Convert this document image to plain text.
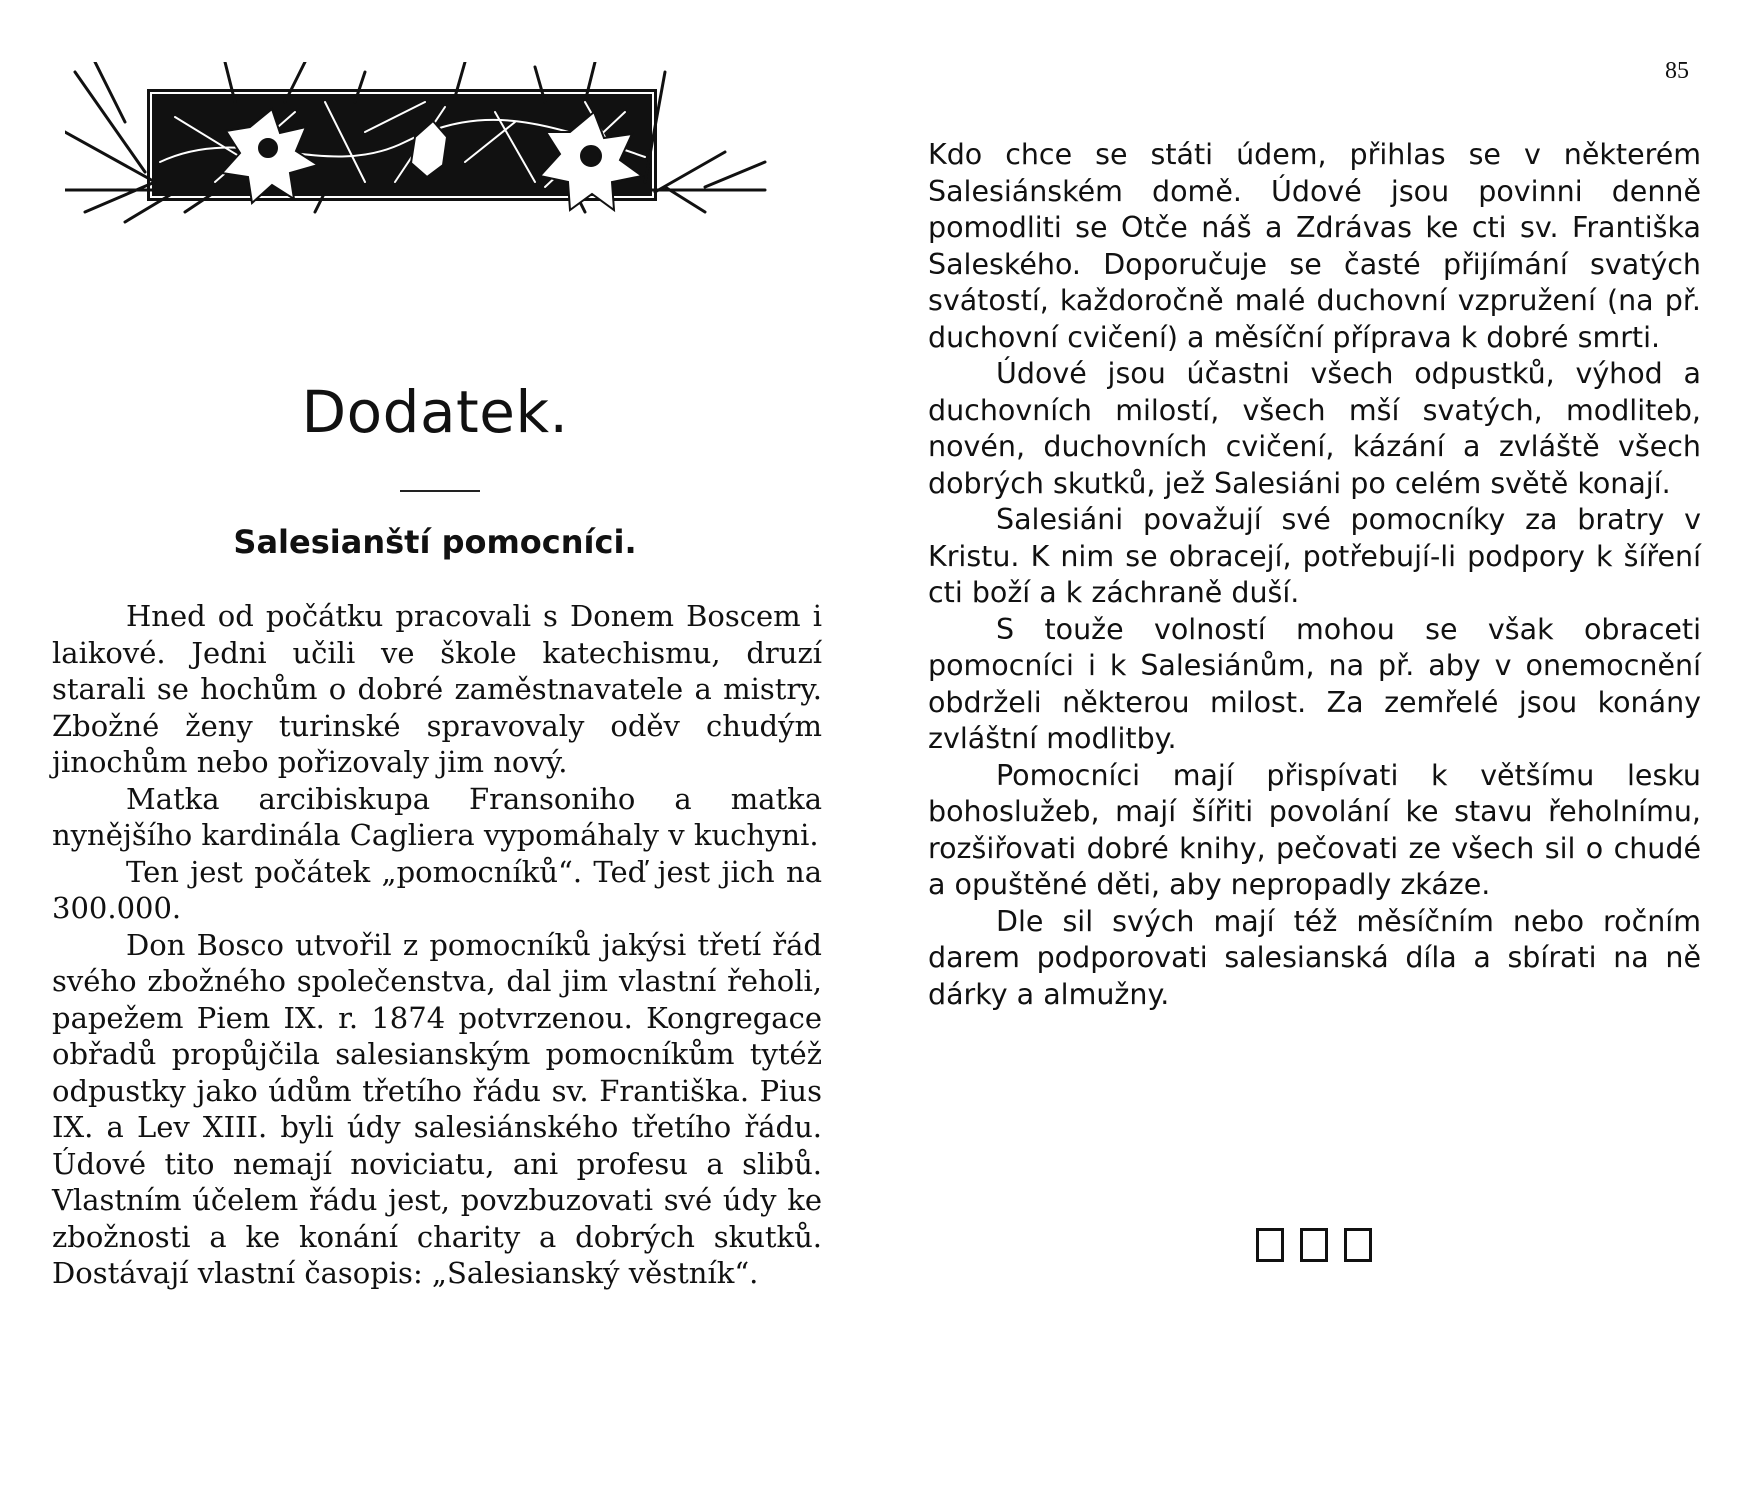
85
Dodatek.
Salesianští pomocníci.

Hned od počátku pracovali s Donem Boscem i laikové. Jedni učili ve škole katechismu, druzí starali se hochům o dobré zaměstnavatele a mistry. Zbožné ženy turinské spravovaly oděv chudým jinochům nebo pořizovaly jim nový.

Matka arcibiskupa Fransoniho a matka nynějšího kardinála Cagliera vypomáhaly v kuchyni.

Ten jest počátek „pomocníků“. Teď jest jich na 300.000.

Don Bosco utvořil z pomocníků jakýsi třetí řád svého zbožného společenstva, dal jim vlastní řeholi, papežem Piem IX. r. 1874 potvrzenou. Kongregace obřadů propůjčila salesianským pomocníkům tytéž odpustky jako údům třetího řádu sv. Františka. Pius IX. a Lev XIII. byli údy salesiánského třetího řádu. Údové tito nemají noviciatu, ani profesu a slibů. Vlastním účelem řádu jest, povzbuzovati své údy ke zbožnosti a ke konání charity a dobrých skutků. Dostávají vlastní časopis: „Salesianský věstník“.

Kdo chce se státi údem, přihlas se v některém Salesiánském domě. Údové jsou povinni denně pomodliti se Otče náš a Zdrávas ke cti sv. Františka Saleského. Doporučuje se časté přijímání svatých svátostí, každoročně malé duchovní vzpružení (na př. duchovní cvičení) a měsíční příprava k dobré smrti.

Údové jsou účastni všech odpustků, výhod a duchovních milostí, všech mší svatých, modliteb, novén, duchovních cvičení, kázání a zvláště všech dobrých skutků, jež Salesiáni po celém světě konají.

Salesiáni považují své pomocníky za bratry v Kristu. K nim se obracejí, potřebují-li podpory k šíření cti boží a k záchraně duší.

S touže volností mohou se však obraceti pomocníci i k Salesiánům, na př. aby v onemocnění obdrželi některou milost. Za zemřelé jsou konány zvláštní modlitby.

Pomocníci mají přispívati k většímu lesku bohoslužeb, mají šířiti povolání ke stavu řeholnímu, rozšiřovati dobré knihy, pečovati ze všech sil o chudé a opuštěné děti, aby nepropadly zkáze.

Dle sil svých mají též měsíčním nebo ročním darem podporovati salesianská díla a sbírati na ně dárky a almužny.
